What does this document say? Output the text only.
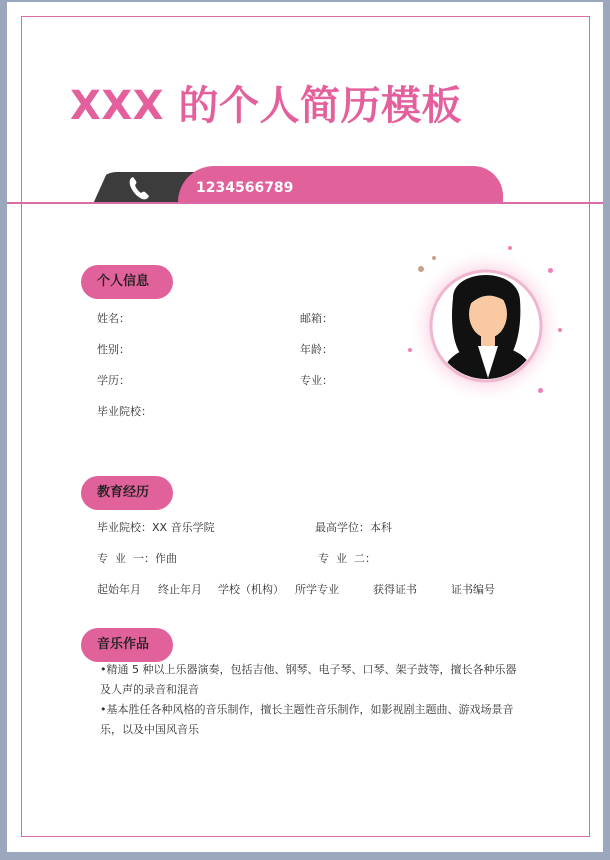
XXX 的个人简历模板
1234566789
个人信息
姓名：	邮箱：
性别：	年龄：
学历：	专业：
毕业院校：
教育经历
毕业院校：XX 音乐学院	最高学位：本科
专  业  一：作曲	专  业  二：
起始年月 终止年月 学校（机构） 所学专业	获得证书	证书编号
音乐作品
•精通 5 种以上乐器演奏，包括吉他、钢琴、电子琴、口琴、架子鼓等，擅长各种乐器及人声的录音和混音
•基本胜任各种风格的音乐制作，擅长主题性音乐制作，如影视剧主题曲、游戏场景音乐，以及中国风音乐
